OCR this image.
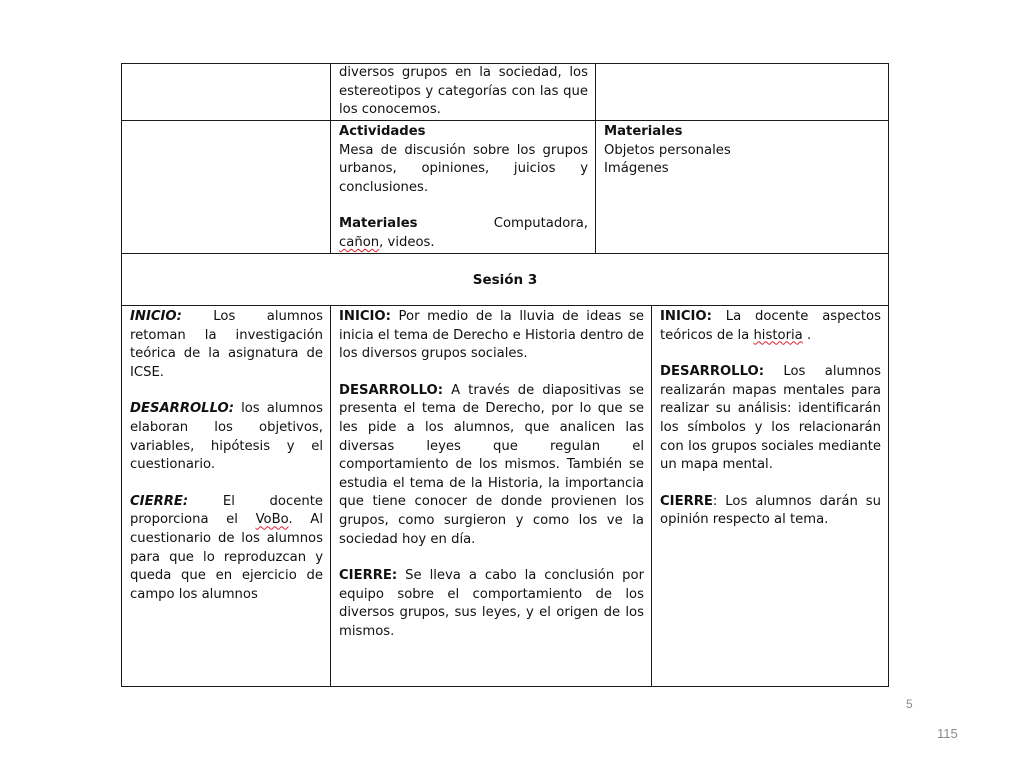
diversos grupos en la sociedad, los estereotipos y categorías con las que los conocemos.

Actividades

Mesa de discusión sobre los grupos urbanos, opiniones, juicios y conclusiones.

Materiales	Computadora,
cañon, videos.
Materiales
Objetos personales
Imágenes
Sesión 3

INICIO: Los alumnos retoman la investigación teórica de la asignatura de ICSE.

DESARROLLO: los alumnos elaboran los objetivos, variables, hipótesis y el cuestionario.

CIERRE: El docente proporciona el VoBo. Al cuestionario de los alumnos para que lo reproduzcan y queda que en ejercicio de campo los alumnos

INICIO: Por medio de la lluvia de ideas se inicia el tema de Derecho e Historia dentro de los diversos grupos sociales.

DESARROLLO: A través de diapositivas se presenta el tema de Derecho, por lo que se les pide a los alumnos, que analicen las diversas leyes que regulan el comportamiento de los mismos. También se estudia el tema de la Historia, la importancia que tiene conocer de donde provienen los grupos, como surgieron y como los ve la sociedad hoy en día.

CIERRE: Se lleva a cabo la conclusión por equipo sobre el comportamiento de los diversos grupos, sus leyes, y el origen de los mismos.

INICIO: La docente aspectos teóricos de la historia .

DESARROLLO: Los alumnos realizarán mapas mentales para realizar su análisis: identificarán los símbolos y los relacionarán con los grupos sociales mediante un mapa mental.

CIERRE: Los alumnos darán su opinión respecto al tema.

5
115
